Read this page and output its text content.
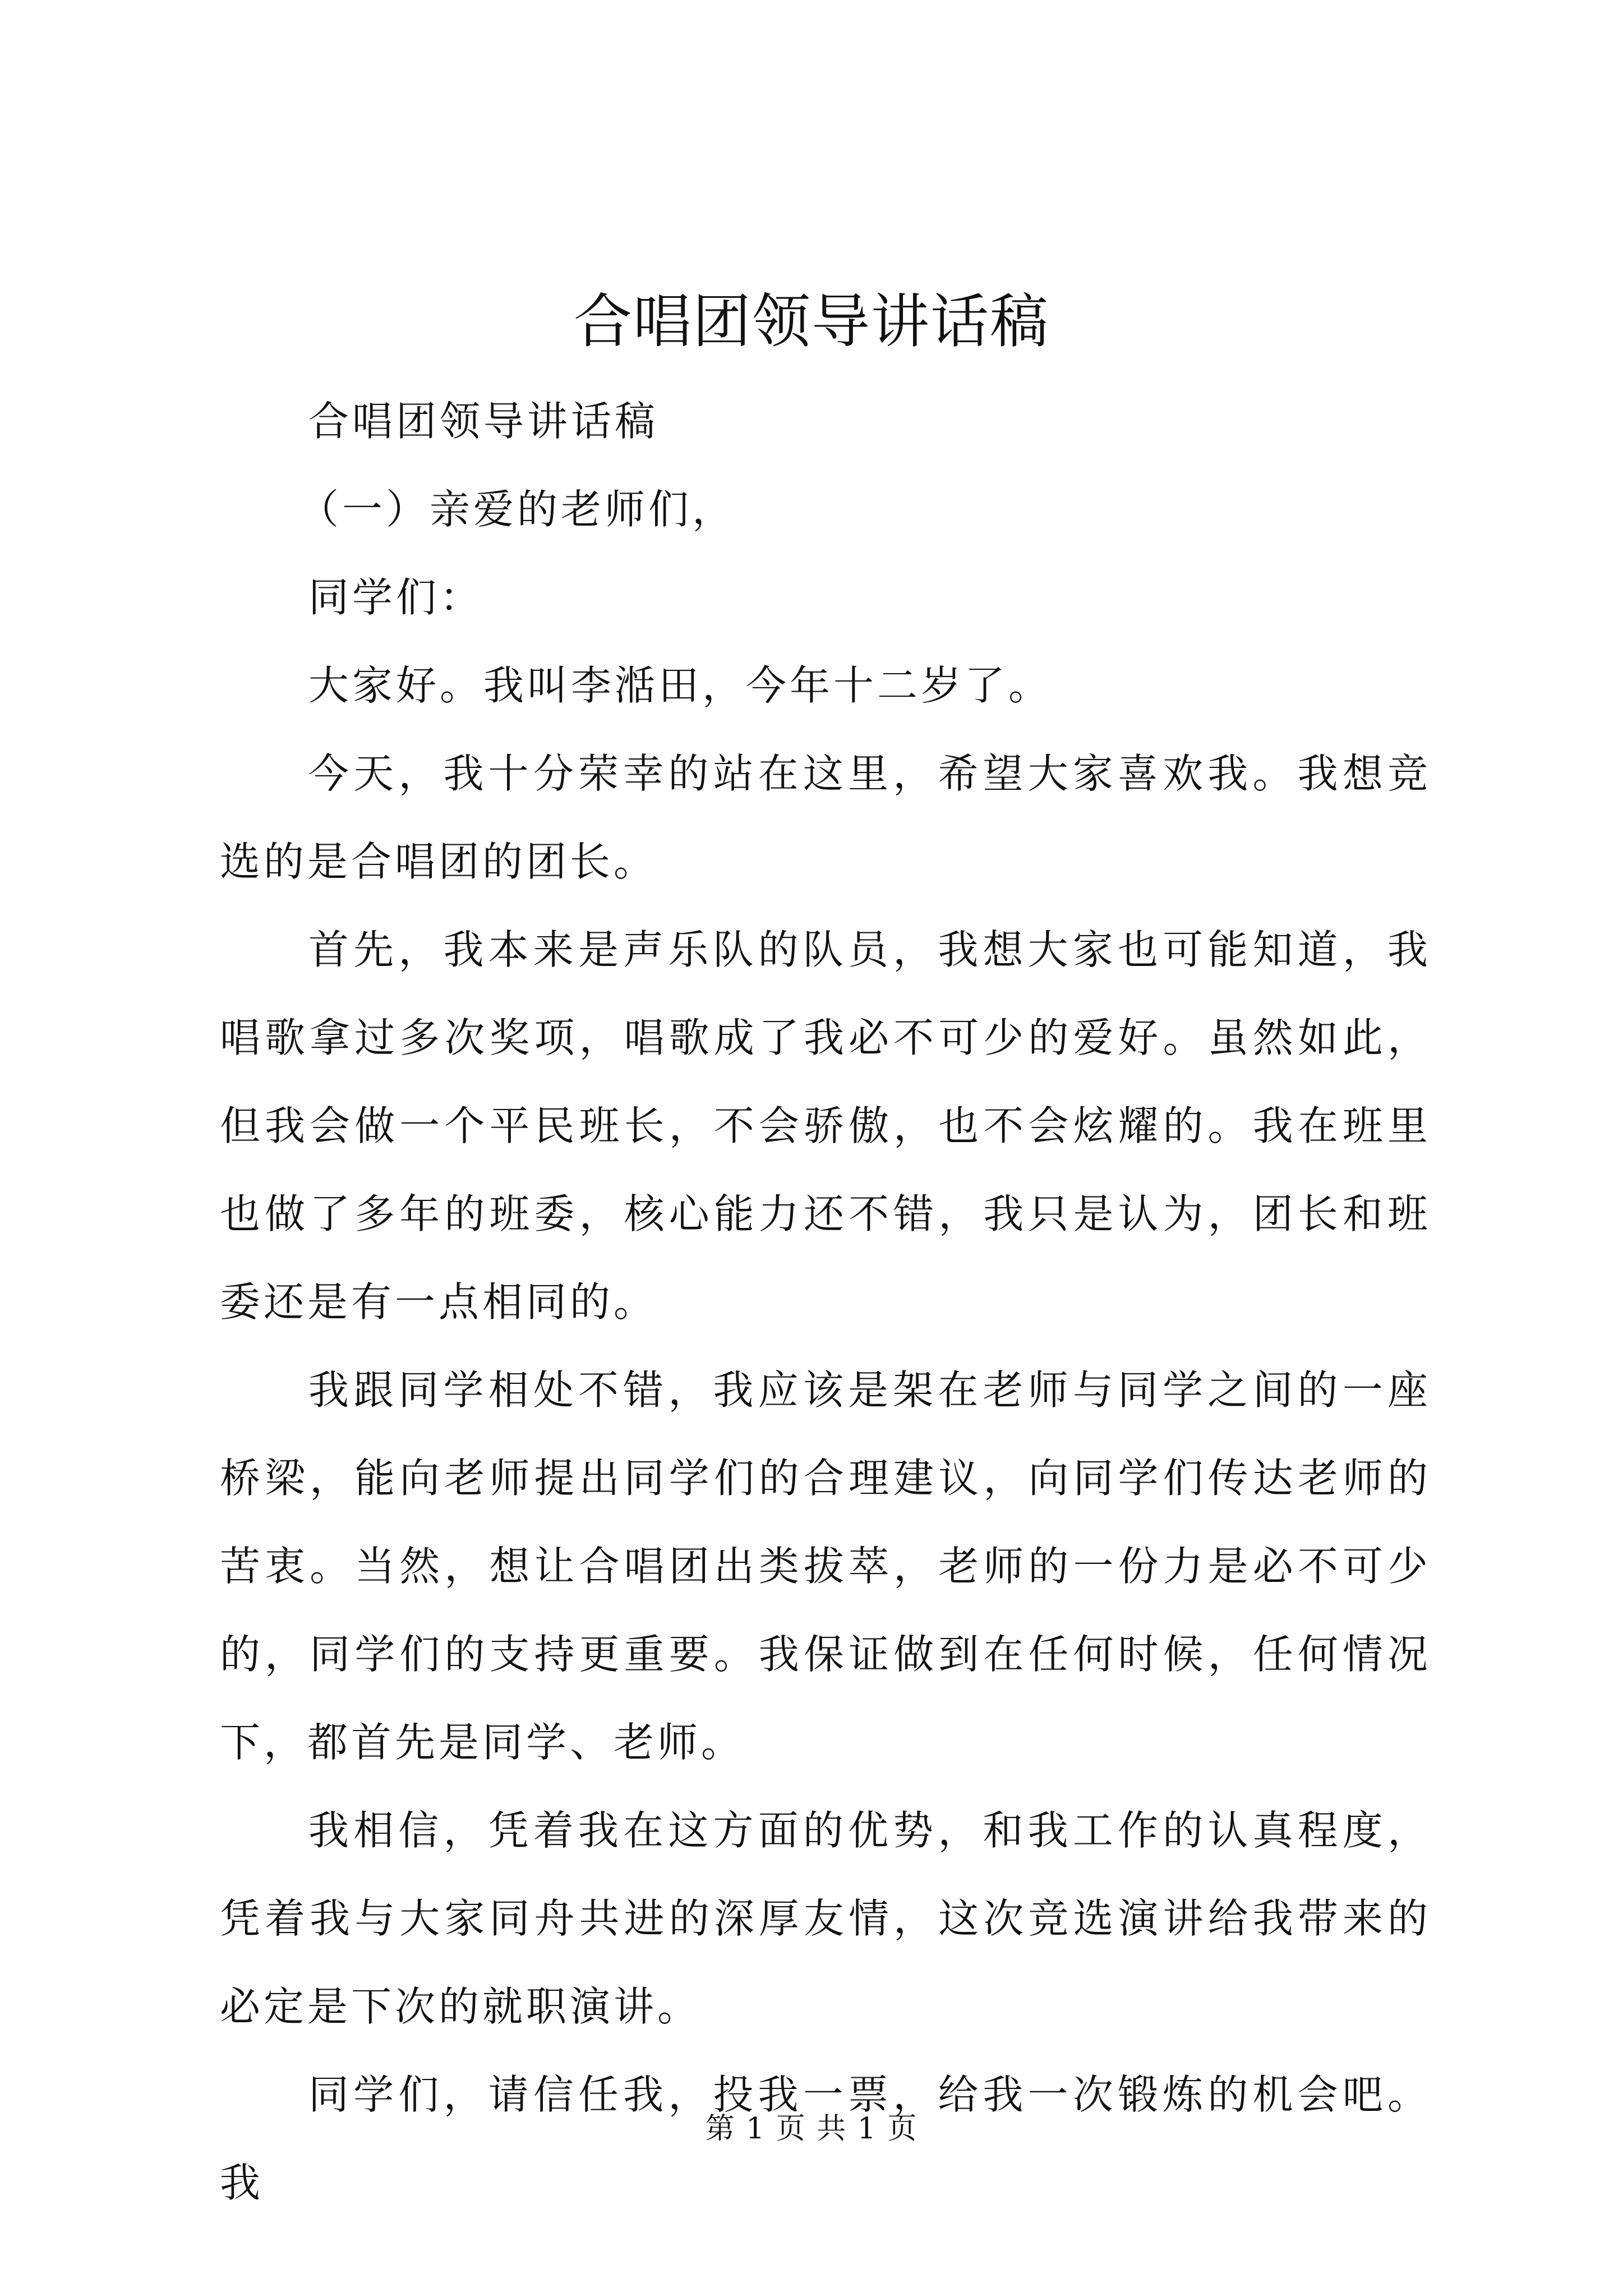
合唱团领导讲话稿

合唱团领导讲话稿

（一）亲爱的老师们，

同学们：

大家好。我叫李湉田，今年十二岁了。

今天，我十分荣幸的站在这里，希望大家喜欢我。我想竞选的是合唱团的团长。

首先，我本来是声乐队的队员，我想大家也可能知道，我唱歌拿过多次奖项，唱歌成了我必不可少的爱好。虽然如此，但我会做一个平民班长，不会骄傲，也不会炫耀的。我在班里也做了多年的班委，核心能力还不错，我只是认为，团长和班委还是有一点相同的。

我跟同学相处不错，我应该是架在老师与同学之间的一座桥梁，能向老师提出同学们的合理建议，向同学们传达老师的苦衷。当然，想让合唱团出类拔萃，老师的一份力是必不可少的，同学们的支持更重要。我保证做到在任何时候，任何情况下，都首先是同学、老师。

我相信，凭着我在这方面的优势，和我工作的认真程度，凭着我与大家同舟共进的深厚友情，这次竞选演讲给我带来的必定是下次的就职演讲。

同学们，请信任我，投我一票，给我一次锻炼的机会吧。我

第 1 页 共 1 页
